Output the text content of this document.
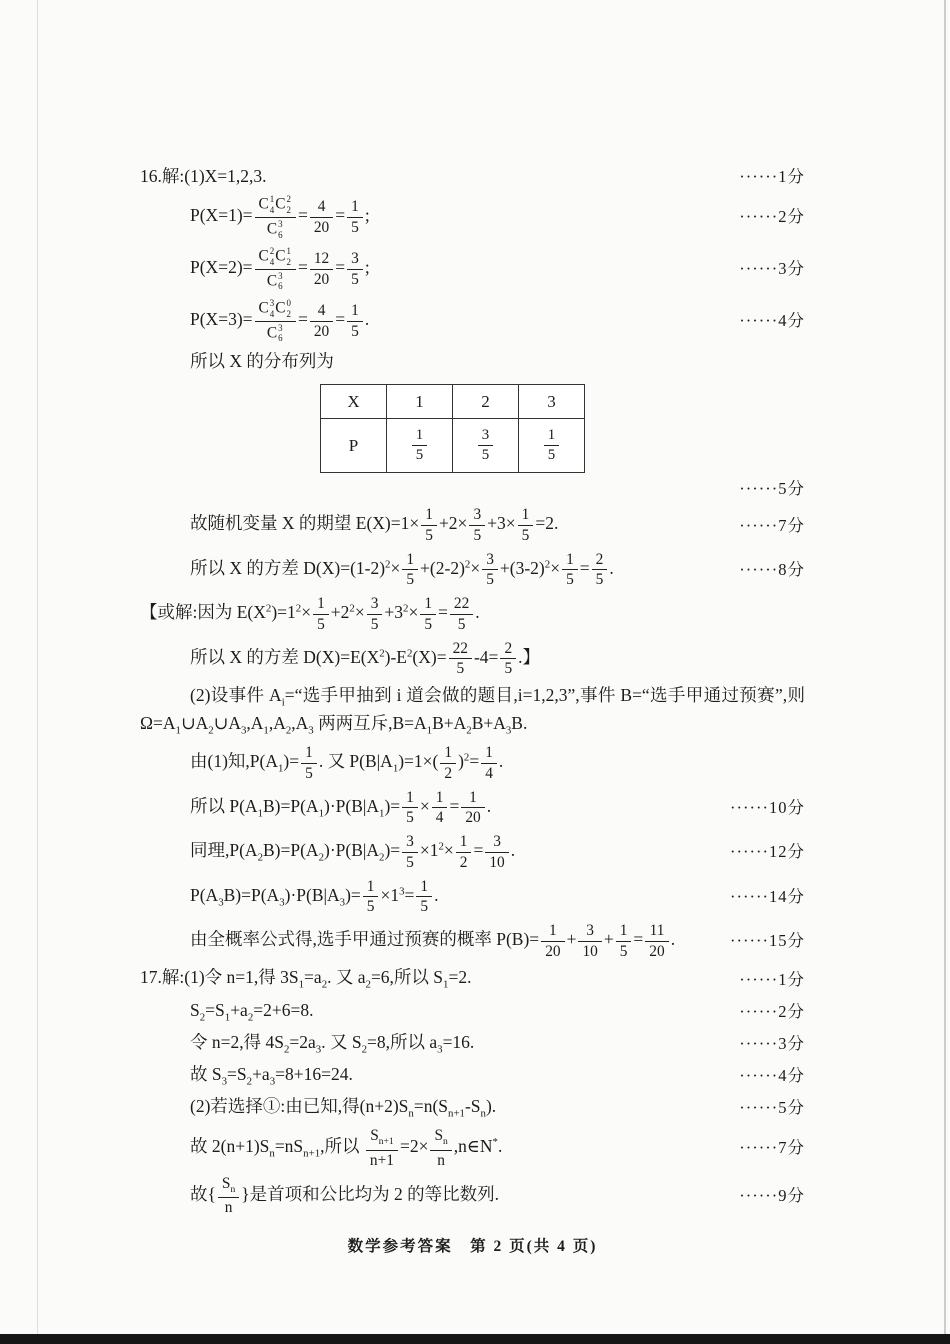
16.解:(1)X=1,2,3.	······1分
P(X=1)= C 1
4 C 2
2
C 3
$6 = \frac{4}{20} = \frac{1}{5}$ ;	······2分
P(X=2)= C 2
4 C 1
2
C 3
$6 = \frac{12}{20} = \frac{3}{5}$ ;	······3分
P(X=3)= C 3
4 C 0
2
C 3
$6 = \frac{4}{20} = \frac{1}{5}$ .	······4分
所以 X 的分布列为
X	1	2	3
P	$\frac{1}{5}$	$\frac{3}{5}$	$\frac{1}{5}$
······5分
故随机变量 X 的期望 $E(X)=1\times \frac{1}{5} +2\times \frac{3}{5} +3\times \frac{1}{5} =2$.	······7分
所以 X 的方差 $D(X)=(1-2)^2\times \frac{1}{5} +(2-2)^2\times \frac{3}{5} +(3-2)^2\times \frac{1}{5} = \frac{2}{5}$ .	······8分
【或解:因为 $E(X^2)=1^2\times \frac{1}{5} +2^2\times \frac{3}{5} +3^2\times \frac{1}{5} = \frac{22}{5}$ .
所以 X 的方差 $D(X)=E(X^2)-E^2(X)= \frac{22}{5} -4= \frac{2}{5}$ .】
(2)设事件 $A_i=“$选手甲抽到 i 道会做的题目,i=1,2,3”,事件 B=“选手甲通过预赛”,则 $\Omega=A_1\cup A_2\cup A_3,A_1,A_2,A_3$ 两两互斥$,B=A_1B+A_2B+A_3B$.
由(1)知$,P(A_1)= \frac{1}{5}$ . 又 $P(B|A_1)=1\times( \frac{1}{2} )^2= \frac{1}{4}$ .
所以 $P(A_1B)=P(A_1)\cdot P(B|A_1)= \frac{1}{5} \times \frac{1}{4} = \frac{1}{20}$ .	······10分
同理$,P(A_2B)=P(A_2)\cdot P(B|A_2)= \frac{3}{5} \times 1^2\times \frac{1}{2} = \frac{3}{10}$ .	······12分
$P(A_3B)=P(A_3)\cdot P(B|A_3)= \frac{1}{5} \times 1^3= \frac{1}{5}$ .	······14分
由全概率公式得,选手甲通过预赛的概率 $P(B)= \frac{1}{20} + \frac{3}{10} + \frac{1}{5} = \frac{11}{20}$ .	······15分
17.解:(1)令 n=1,得 $3S_1=a_2$. 又 $a_2=6$,所以 $S_1=2$.	······1分
$S_2=S_1+a_2=2+6=8$.	······2分
令 n=2,得 $4S_2=2a_3$. 又 $S_2=8$,所以 $a_3=16$.	······3分
故 $S_3=S_2+a_3=8+16=24$.	······4分
(2)若选择①:由已知,得$(n+2)S_n=n(S_{n+1}-S_n)$.	······5分
故 $2(n+1)S_n=nS_{n+1}$,所以 $\frac{S_{n+1}}{n+1} =2\times \frac{S_n}{n}$ ,n∈N*.	······7分
故{ $\frac{S_n}{n}$ }是首项和公比均为 2 的等比数列.	······9分
数学参考答案　第 2 页(共 4 页)
